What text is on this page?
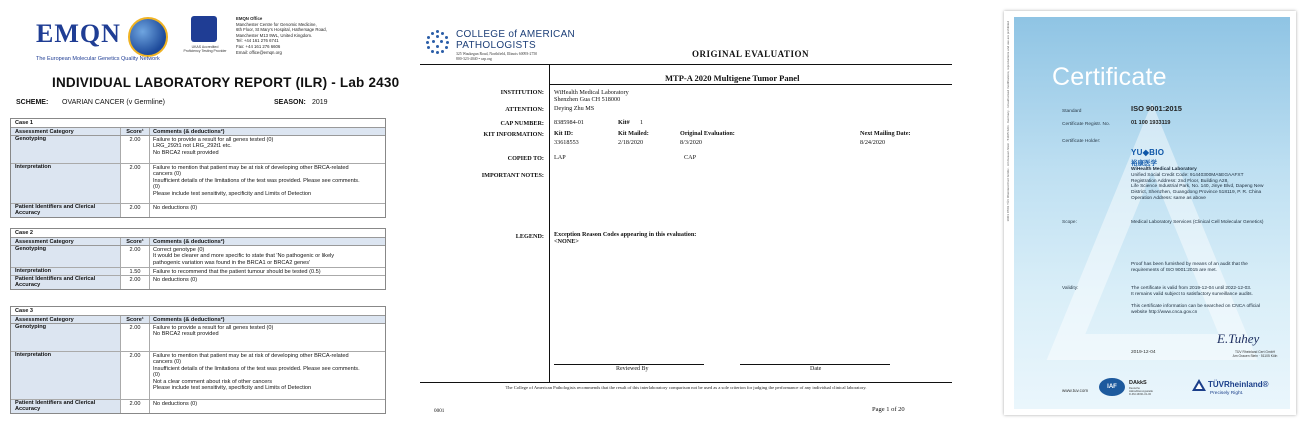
EMQN
The European Molecular Genetics Quality Network
UKAS Accredited Proficiency Testing Provider
EMQN Office
Manchester Centre for Genomic Medicine,
6th Floor, St Mary's Hospital, Hathersage Road,
Manchester M13 9WL, United Kingdom.
Tel: +44 161 276 6741
Fax: +44 161 276 6606
Email: office@emqn.org
INDIVIDUAL LABORATORY REPORT (ILR) - Lab 2430
SCHEME: OVARIAN CANCER (v Germline)	SEASON: 2019
Case 1
Assessment Category	Score¹	Comments (& deductions²)
Genotyping	2.00	Failure to provide a result for all genes tested (0)
LRG_292t1 not LRG_292t1 etc.
No BRCA2 result provided
Interpretation	2.00	Failure to mention that patient may be at risk of developing other BRCA-related
cancers (0)
Insufficient details of the limitations of the test was provided. Please see comments.
(0)
Please include test sensitivity, specificity and Limits of Detection
Patient Identifiers and Clerical Accuracy
2.00	No deductions (0)
Case 2
Assessment Category	Score¹	Comments (& deductions²)
Genotyping	2.00	Correct genotype (0)
It would be clearer and more specific to state that 'No pathogenic or likely
pathogenic variation was found in the BRCA1 or BRCA2 genes'
Interpretation	1.50	Failure to recommend that the patient tumour should be tested (0.5)
Patient Identifiers and Clerical Accuracy
2.00	No deductions (0)
Case 3
Assessment Category	Score¹	Comments (& deductions²)
Genotyping	2.00	Failure to provide a result for all genes tested (0)
No BRCA2 result provided
Interpretation	2.00	Failure to mention that patient may be at risk of developing other BRCA-related
cancers (0)
Insufficient details of the limitations of the test was provided. Please see comments.
(0)
Not a clear comment about risk of other cancers
Please include test sensitivity, specificity and Limits of Detection
Patient Identifiers and Clerical Accuracy
2.00	No deductions (0)
COLLEGE of AMERICAN
PATHOLOGISTS
325 Waukegan Road, Northfield, Illinois 60093-2750
800-323-4040 • cap.org	ORIGINAL EVALUATION
MTP-A 2020 Multigene Tumor Panel
INSTITUTION: WiHealth Medical Laboratory
Shenzhen Gua CH 518000
ATTENTION: Deying Zhu MS
CAP NUMBER: 8385984-01	Kit# 1
KIT INFORMATION: Kit ID:
33618553
Kit Mailed:
2/18/2020
Original Evaluation:
8/3/2020
Next Mailing Date:
8/24/2020
COPIED TO: LAP	CAP
IMPORTANT NOTES:
LEGEND: Exception Reason Codes appearing in this evaluation:
<NONE>
Reviewed By	Date
The College of American Pathologists recommends that the result of this interlaboratory comparison not be used as a sole criterion for judging the performance of any individual clinical laboratory.
0001	Page 1 of 20
10/01 07/01 TÜV Rheinland Cert GmbH · Am Grauen Stein · 51105 Köln · Germany · Unauthorised modifications, reproductions and use are prohibited Certificate
Standard	ISO 9001:2015
Certificate Registr. No.	01 100 1933119
Certificate Holder:
YU◆BIO
裕康医学
WiHealth Medical Laboratory
Unified Social Credit Code: 91440300MA5EGAAFXT
Registration Address: 2nd Floor, Building A28,
Life Science Industrial Park, No. 140, Jinye Blvd, Dapeng New
District, Shenzhen, Guangdong Province 518119, P. R. China
Operation Address: same as above
Scope:	Medical Laboratory Services (Clinical Cell Molecular Genetics)
Proof has been furnished by means of an audit that the
requirements of ISO 9001:2015 are met.
Validity:	The certificate is valid from 2019-12-04 until 2022-12-03.
It remains valid subject to satisfactory surveillance audits.
This certificate information can be searched on CNCA official
website http://www.cnca.gov.cn
E.Tuhey
TÜV Rheinland Cert GmbH
Am Grauen Stein · 51105 Köln
2019-12-04
www.tuv.com
IAF
DAkkS
Deutsche
Akkreditierungsstelle
D-ZM-16031-01-00
TÜVRheinland®
Precisely Right.
